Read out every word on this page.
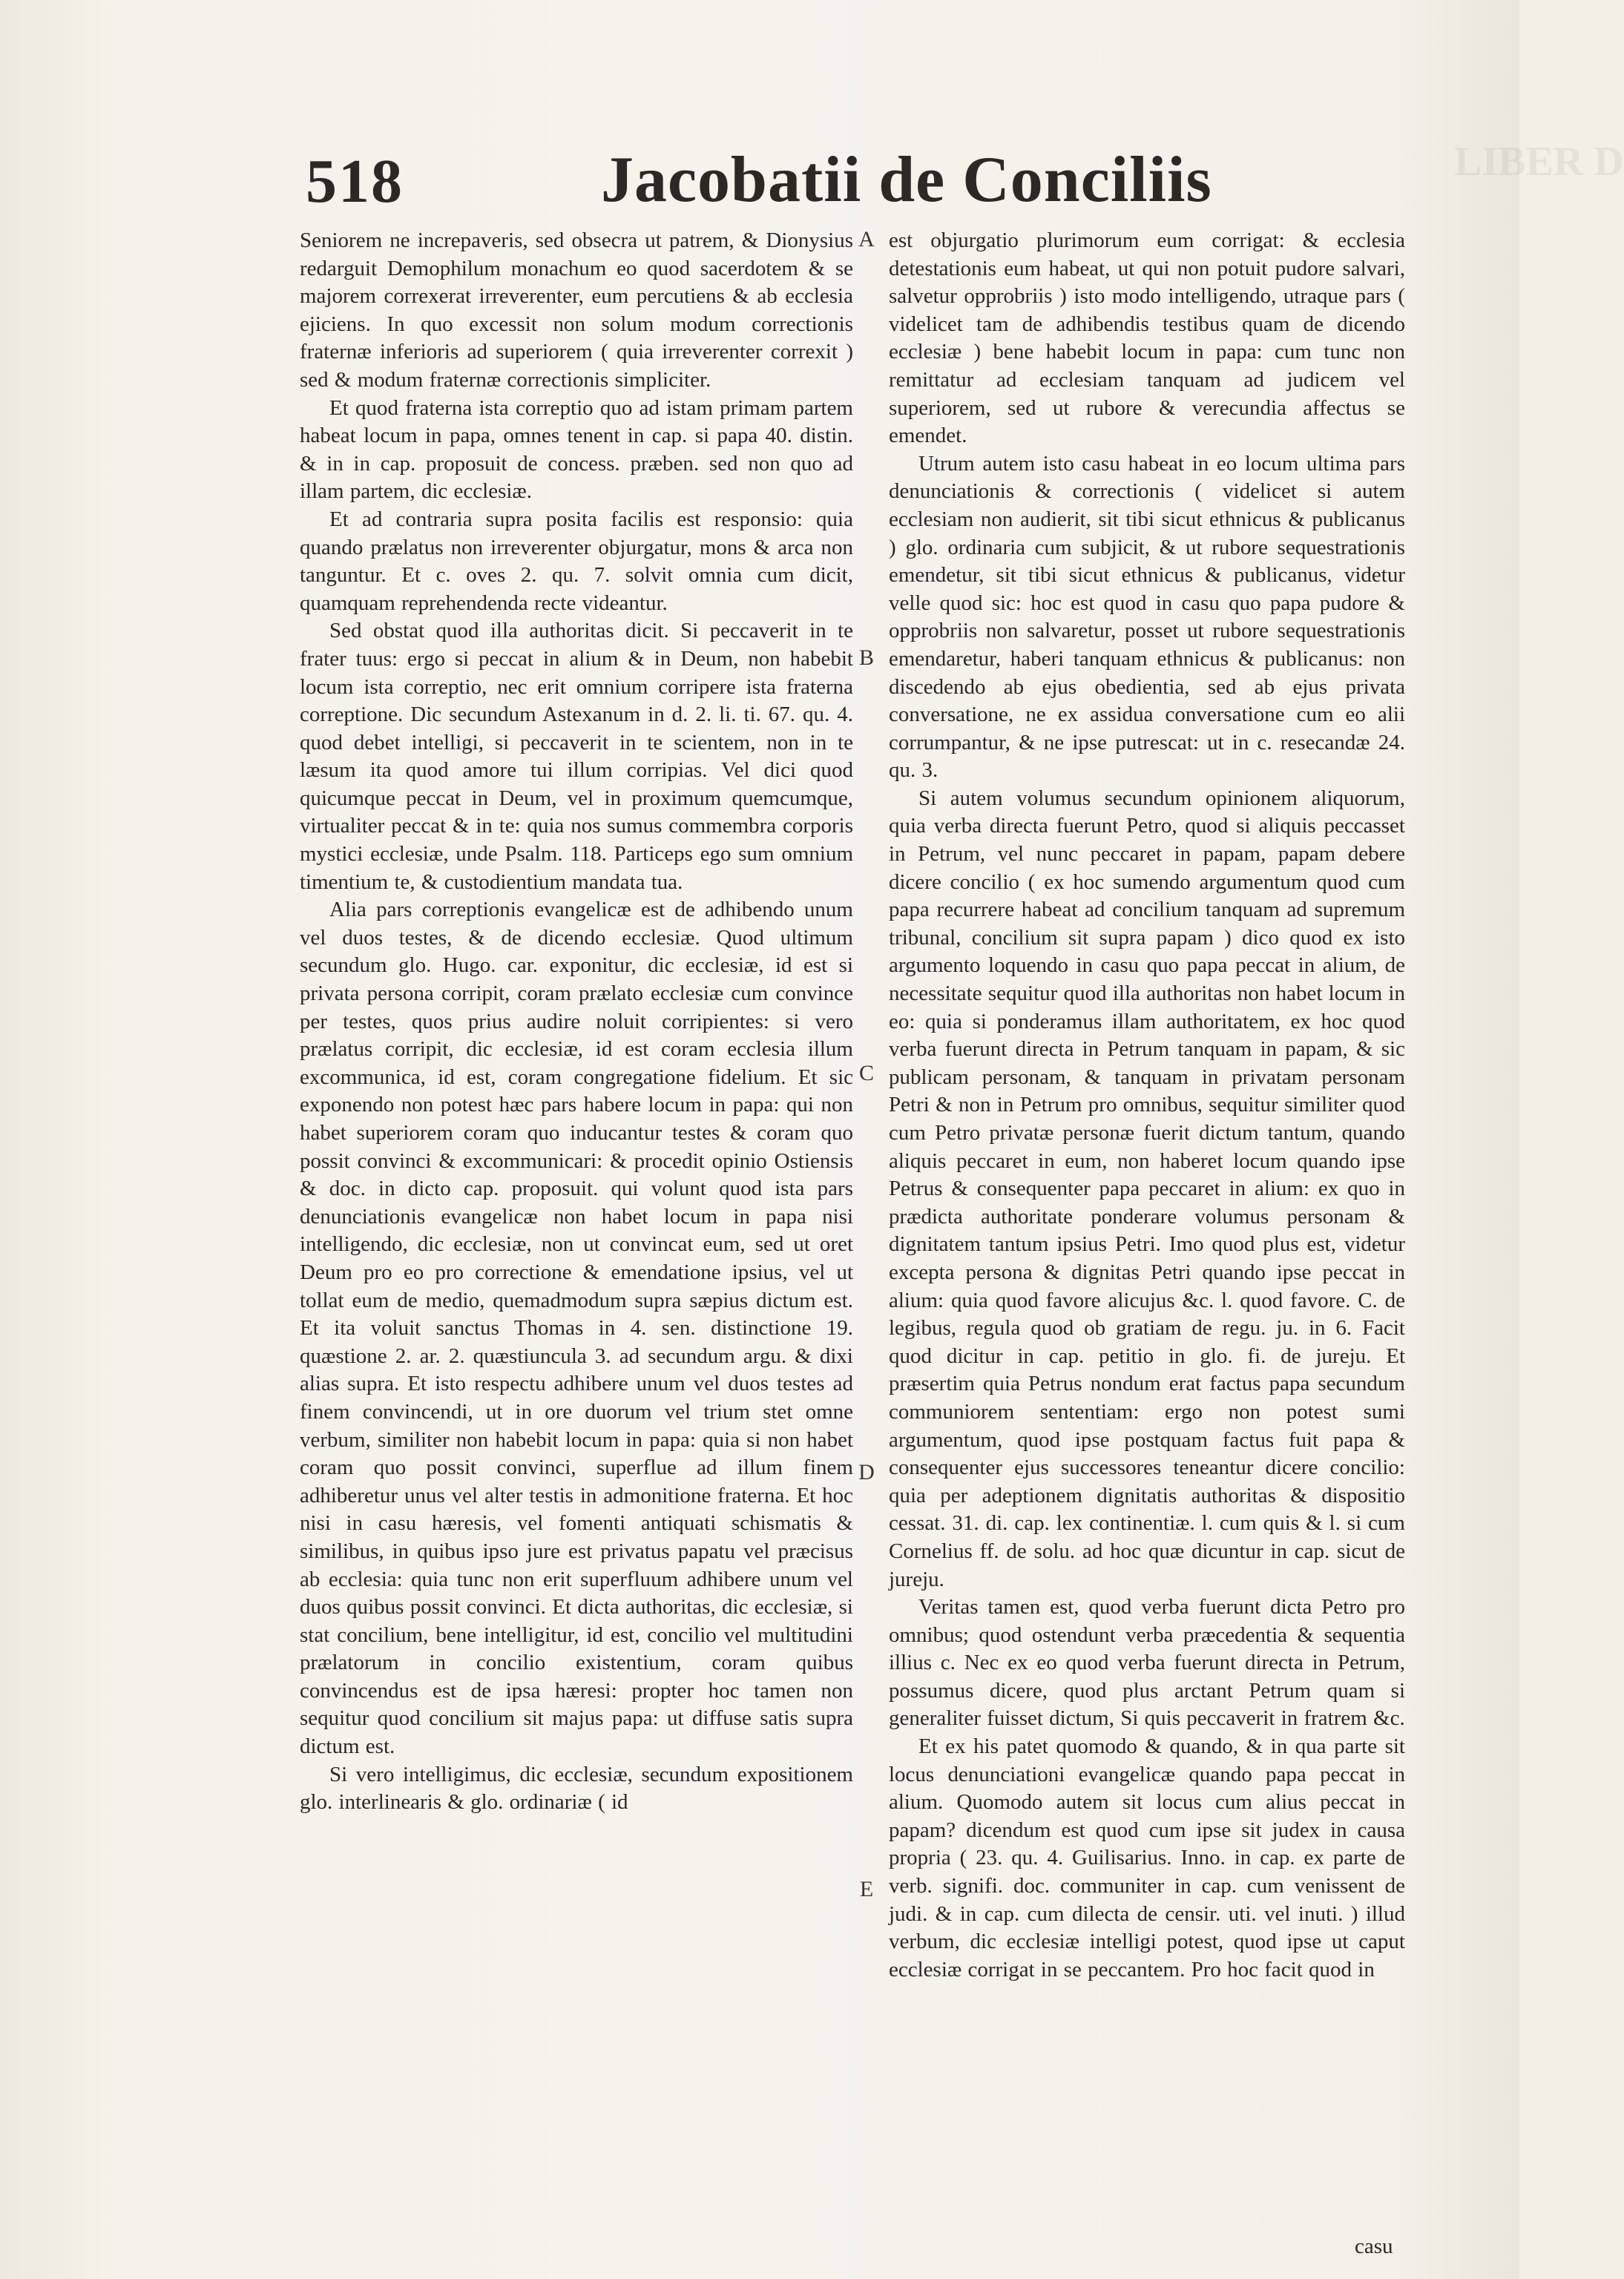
LIBER D
518	Jacobatii de Conciliis

Seniorem ne increpaveris, sed obsecra ut patrem, & Dionysius redarguit Demophilum monachum eo quod sacerdotem & se majorem correxerat irreverenter, eum percutiens & ab ecclesia ejiciens. In quo excessit non solum modum correctionis fraternæ inferioris ad superiorem ( quia irreverenter correxit ) sed & modum fraternæ correctionis simpliciter.

Et quod fraterna ista correptio quo ad istam primam partem habeat locum in papa, omnes tenent in cap. si papa 40. distin. & in in cap. proposuit de concess. præben. sed non quo ad illam partem, dic ecclesiæ.

Et ad contraria supra posita facilis est responsio: quia quando prælatus non irreverenter objurgatur, mons & arca non tanguntur. Et c. oves 2. qu. 7. solvit omnia cum dicit, quamquam reprehendenda recte videantur.

Sed obstat quod illa authoritas dicit. Si peccaverit in te frater tuus: ergo si peccat in alium & in Deum, non habebit locum ista correptio, nec erit omnium corripere ista fraterna correptione. Dic secundum Astexanum in d. 2. li. ti. 67. qu. 4. quod debet intelligi, si peccaverit in te scientem, non in te læsum ita quod amore tui illum corripias. Vel dici quod quicumque peccat in Deum, vel in proximum quemcumque, virtualiter peccat & in te: quia nos sumus commembra corporis mystici ecclesiæ, unde Psalm. 118. Particeps ego sum omnium timentium te, & custodientium mandata tua.

Alia pars correptionis evangelicæ est de adhibendo unum vel duos testes, & de dicendo ecclesiæ. Quod ultimum secundum glo. Hugo. car. exponitur, dic ecclesiæ, id est si privata persona corripit, coram prælato ecclesiæ cum convince per testes, quos prius audire noluit corripientes: si vero prælatus corripit, dic ecclesiæ, id est coram ecclesia illum excommunica, id est, coram congregatione fidelium. Et sic exponendo non potest hæc pars habere locum in papa: qui non habet superiorem coram quo inducantur testes & coram quo possit convinci & excommunicari: & procedit opinio Ostiensis & doc. in dicto cap. proposuit. qui volunt quod ista pars denunciationis evangelicæ non habet locum in papa nisi intelligendo, dic ecclesiæ, non ut convincat eum, sed ut oret Deum pro eo pro correctione & emendatione ipsius, vel ut tollat eum de medio, quemadmodum supra sæpius dictum est. Et ita voluit sanctus Thomas in 4. sen. distinctione 19. quæstione 2. ar. 2. quæstiuncula 3. ad secundum argu. & dixi alias supra. Et isto respectu adhibere unum vel duos testes ad finem convincendi, ut in ore duorum vel trium stet omne verbum, similiter non habebit locum in papa: quia si non habet coram quo possit convinci, superflue ad illum finem adhiberetur unus vel alter testis in admonitione fraterna. Et hoc nisi in casu hæresis, vel fomenti antiquati schismatis & similibus, in quibus ipso jure est privatus papatu vel præcisus ab ecclesia: quia tunc non erit superfluum adhibere unum vel duos quibus possit convinci. Et dicta authoritas, dic ecclesiæ, si stat concilium, bene intelligitur, id est, concilio vel multitudini prælatorum in concilio existentium, coram quibus convincendus est de ipsa hæresi: propter hoc tamen non sequitur quod concilium sit majus papa: ut diffuse satis supra dictum est.

Si vero intelligimus, dic ecclesiæ, secundum expositionem glo. interlinearis & glo. ordinariæ ( id

A
B
C
D
E

est objurgatio plurimorum eum corrigat: & ecclesia detestationis eum habeat, ut qui non potuit pudore salvari, salvetur opprobriis ) isto modo intelligendo, utraque pars ( videlicet tam de adhibendis testibus quam de dicendo ecclesiæ ) bene habebit locum in papa: cum tunc non remittatur ad ecclesiam tanquam ad judicem vel superiorem, sed ut rubore & verecundia affectus se emendet.

Utrum autem isto casu habeat in eo locum ultima pars denunciationis & correctionis ( videlicet si autem ecclesiam non audierit, sit tibi sicut ethnicus & publicanus ) glo. ordinaria cum subjicit, & ut rubore sequestrationis emendetur, sit tibi sicut ethnicus & publicanus, videtur velle quod sic: hoc est quod in casu quo papa pudore & opprobriis non salvaretur, posset ut rubore sequestrationis emendaretur, haberi tanquam ethnicus & publicanus: non discedendo ab ejus obedientia, sed ab ejus privata conversatione, ne ex assidua conversatione cum eo alii corrumpantur, & ne ipse putrescat: ut in c. resecandæ 24. qu. 3.

Si autem volumus secundum opinionem aliquorum, quia verba directa fuerunt Petro, quod si aliquis peccasset in Petrum, vel nunc peccaret in papam, papam debere dicere concilio ( ex hoc sumendo argumentum quod cum papa recurrere habeat ad concilium tanquam ad supremum tribunal, concilium sit supra papam ) dico quod ex isto argumento loquendo in casu quo papa peccat in alium, de necessitate sequitur quod illa authoritas non habet locum in eo: quia si ponderamus illam authoritatem, ex hoc quod verba fuerunt directa in Petrum tanquam in papam, & sic publicam personam, & tanquam in privatam personam Petri & non in Petrum pro omnibus, sequitur similiter quod cum Petro privatæ personæ fuerit dictum tantum, quando aliquis peccaret in eum, non haberet locum quando ipse Petrus & consequenter papa peccaret in alium: ex quo in prædicta authoritate ponderare volumus personam & dignitatem tantum ipsius Petri. Imo quod plus est, videtur excepta persona & dignitas Petri quando ipse peccat in alium: quia quod favore alicujus &c. l. quod favore. C. de legibus, regula quod ob gratiam de regu. ju. in 6. Facit quod dicitur in cap. petitio in glo. fi. de jureju. Et præsertim quia Petrus nondum erat factus papa secundum communiorem sententiam: ergo non potest sumi argumentum, quod ipse postquam factus fuit papa & consequenter ejus successores teneantur dicere concilio: quia per adeptionem dignitatis authoritas & dispositio cessat. 31. di. cap. lex continentiæ. l. cum quis & l. si cum Cornelius ff. de solu. ad hoc quæ dicuntur in cap. sicut de jureju.

Veritas tamen est, quod verba fuerunt dicta Petro pro omnibus; quod ostendunt verba præcedentia & sequentia illius c. Nec ex eo quod verba fuerunt directa in Petrum, possumus dicere, quod plus arctant Petrum quam si generaliter fuisset dictum, Si quis peccaverit in fratrem &c.

Et ex his patet quomodo & quando, & in qua parte sit locus denunciationi evangelicæ quando papa peccat in alium. Quomodo autem sit locus cum alius peccat in papam? dicendum est quod cum ipse sit judex in causa propria ( 23. qu. 4. Guilisarius. Inno. in cap. ex parte de verb. signifi. doc. communiter in cap. cum venissent de judi. & in cap. cum dilecta de censir. uti. vel inuti. ) illud verbum, dic ecclesiæ intelligi potest, quod ipse ut caput ecclesiæ corrigat in se peccantem. Pro hoc facit quod in

casu
